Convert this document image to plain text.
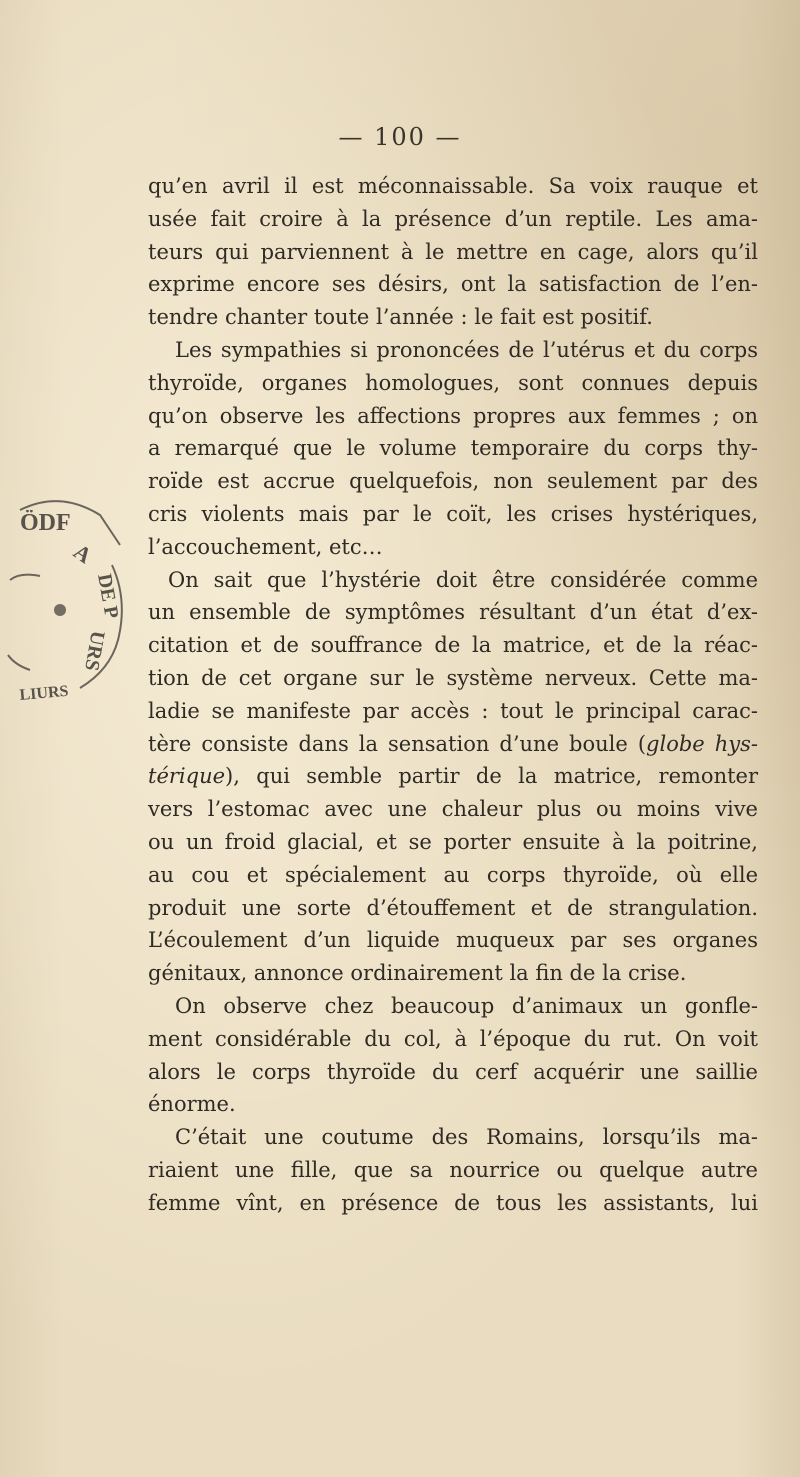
— 100 —
ÖDF
A
DE P
URS
LIURS
qu’en avril il est méconnaissable. Sa voix rauque et
usée fait croire à la présence d’un reptile. Les ama-
teurs qui parviennent à le mettre en cage, alors qu’il
exprime encore ses désirs, ont la satisfaction de l’en-
tendre chanter toute l’année : le fait est positif.
Les sympathies si prononcées de l’utérus et du corps
thyroïde, organes homologues, sont connues depuis
qu’on observe les affections propres aux femmes ; on
a remarqué que le volume temporaire du corps thy-
roïde est accrue quelquefois, non seulement par des
cris violents mais par le coït, les crises hystériques,
l’accouchement, etc…
On sait que l’hystérie doit être considérée comme
un ensemble de symptômes résultant d’un état d’ex-
citation et de souffrance de la matrice, et de la réac-
tion de cet organe sur le système nerveux. Cette ma-
ladie se manifeste par accès : tout le principal carac-
tère consiste dans la sensation d’une boule (globe hys-
térique), qui semble partir de la matrice, remonter
vers l’estomac avec une chaleur plus ou moins vive
ou un froid glacial, et se porter ensuite à la poitrine,
au cou et spécialement au corps thyroïde, où elle
produit une sorte d’étouffement et de strangulation.
L’écoulement d’un liquide muqueux par ses organes
génitaux, annonce ordinairement la fin de la crise.
On observe chez beaucoup d’animaux un gonfle-
ment considérable du col, à l’époque du rut. On voit
alors le corps thyroïde du cerf acquérir une saillie
énorme.
C’était une coutume des Romains, lorsqu’ils ma-
riaient une fille, que sa nourrice ou quelque autre
femme vînt, en présence de tous les assistants, lui
